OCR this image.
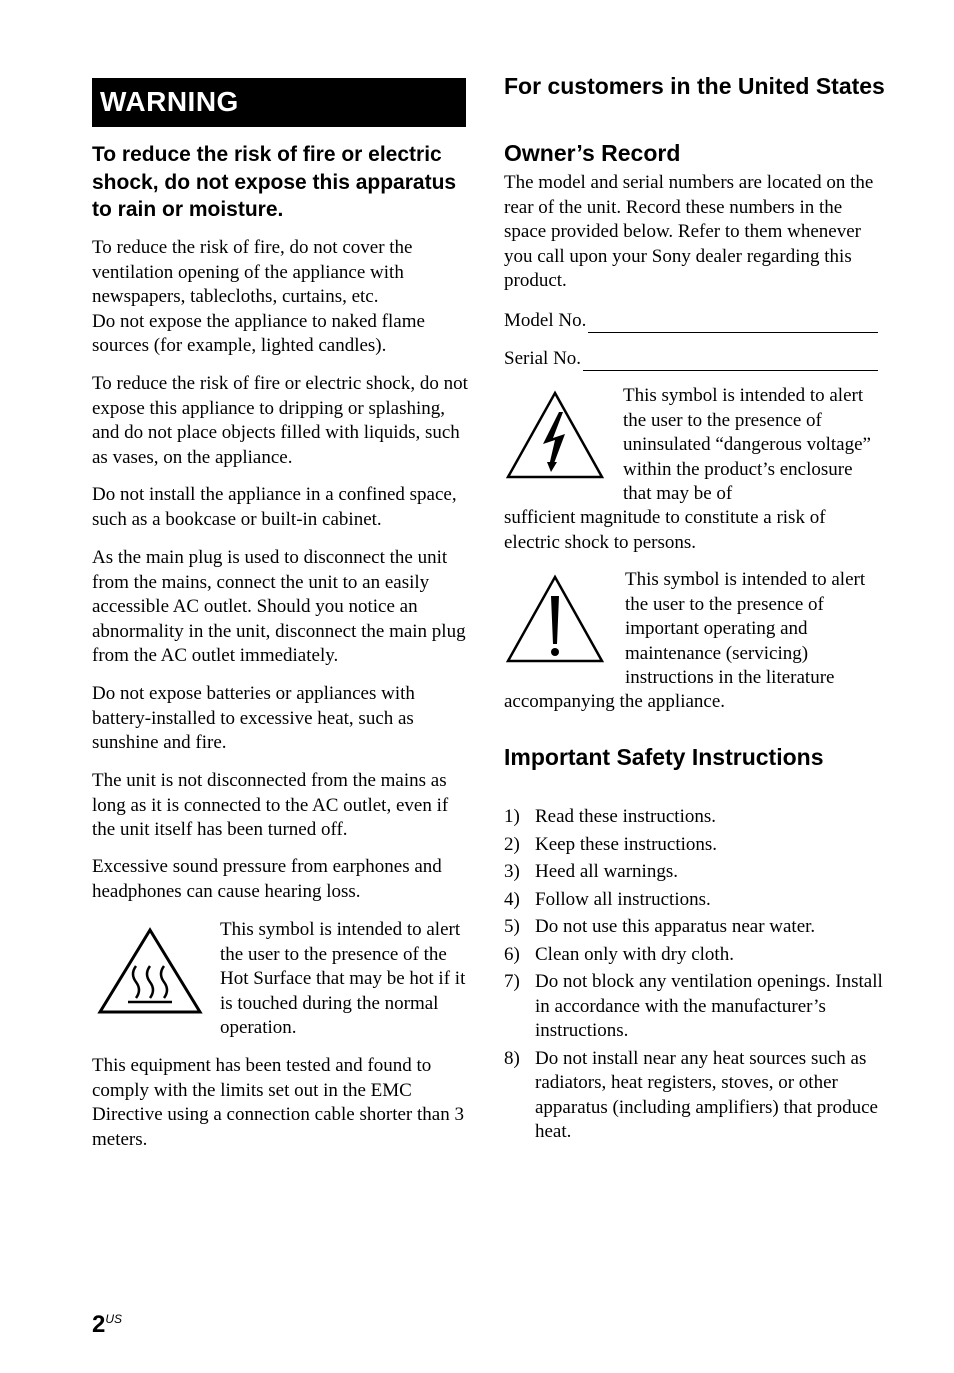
WARNING
To reduce the risk of fire or electric shock, do not expose this apparatus to rain or moisture.

To reduce the risk of fire, do not cover the ventilation opening of the appliance with newspapers, tablecloths, curtains, etc.
Do not expose the appliance to naked flame sources (for example, lighted candles).

To reduce the risk of fire or electric shock, do not expose this appliance to dripping or splashing, and do not place objects filled with liquids, such as vases, on the appliance.

Do not install the appliance in a confined space, such as a bookcase or built-in cabinet.

As the main plug is used to disconnect the unit from the mains, connect the unit to an easily accessible AC outlet. Should you notice an abnormality in the unit, disconnect the main plug from the AC outlet immediately.

Do not expose batteries or appliances with battery-installed to excessive heat, such as sunshine and fire.

The unit is not disconnected from the mains as long as it is connected to the AC outlet, even if the unit itself has been turned off.

Excessive sound pressure from earphones and headphones can cause hearing loss.

This symbol is intended to alert the user to the presence of the Hot Surface that may be hot if it is touched during the normal operation.

This equipment has been tested and found to comply with the limits set out in the EMC Directive using a connection cable shorter than 3 meters.

For customers in the United States
Owner’s Record

The model and serial numbers are located on the rear of the unit. Record these numbers in the space provided below. Refer to them whenever you call upon your Sony dealer regarding this product.

Model No.
Serial No.

This symbol is intended to alert the user to the presence of uninsulated “dangerous voltage” within the product’s enclosure that may be of

sufficient magnitude to constitute a risk of electric shock to persons.

This symbol is intended to alert the user to the presence of important operating and maintenance (servicing) instructions in the literature

accompanying the appliance.

Important Safety Instructions
1) Read these instructions.
2) Keep these instructions.
3) Heed all warnings.
4) Follow all instructions.
5) Do not use this apparatus near water.
6) Clean only with dry cloth.
7) Do not block any ventilation openings. Install in accordance with the manufacturer’s instructions.
8) Do not install near any heat sources such as radiators, heat registers, stoves, or other apparatus (including amplifiers) that produce heat.
$2^{US}$
